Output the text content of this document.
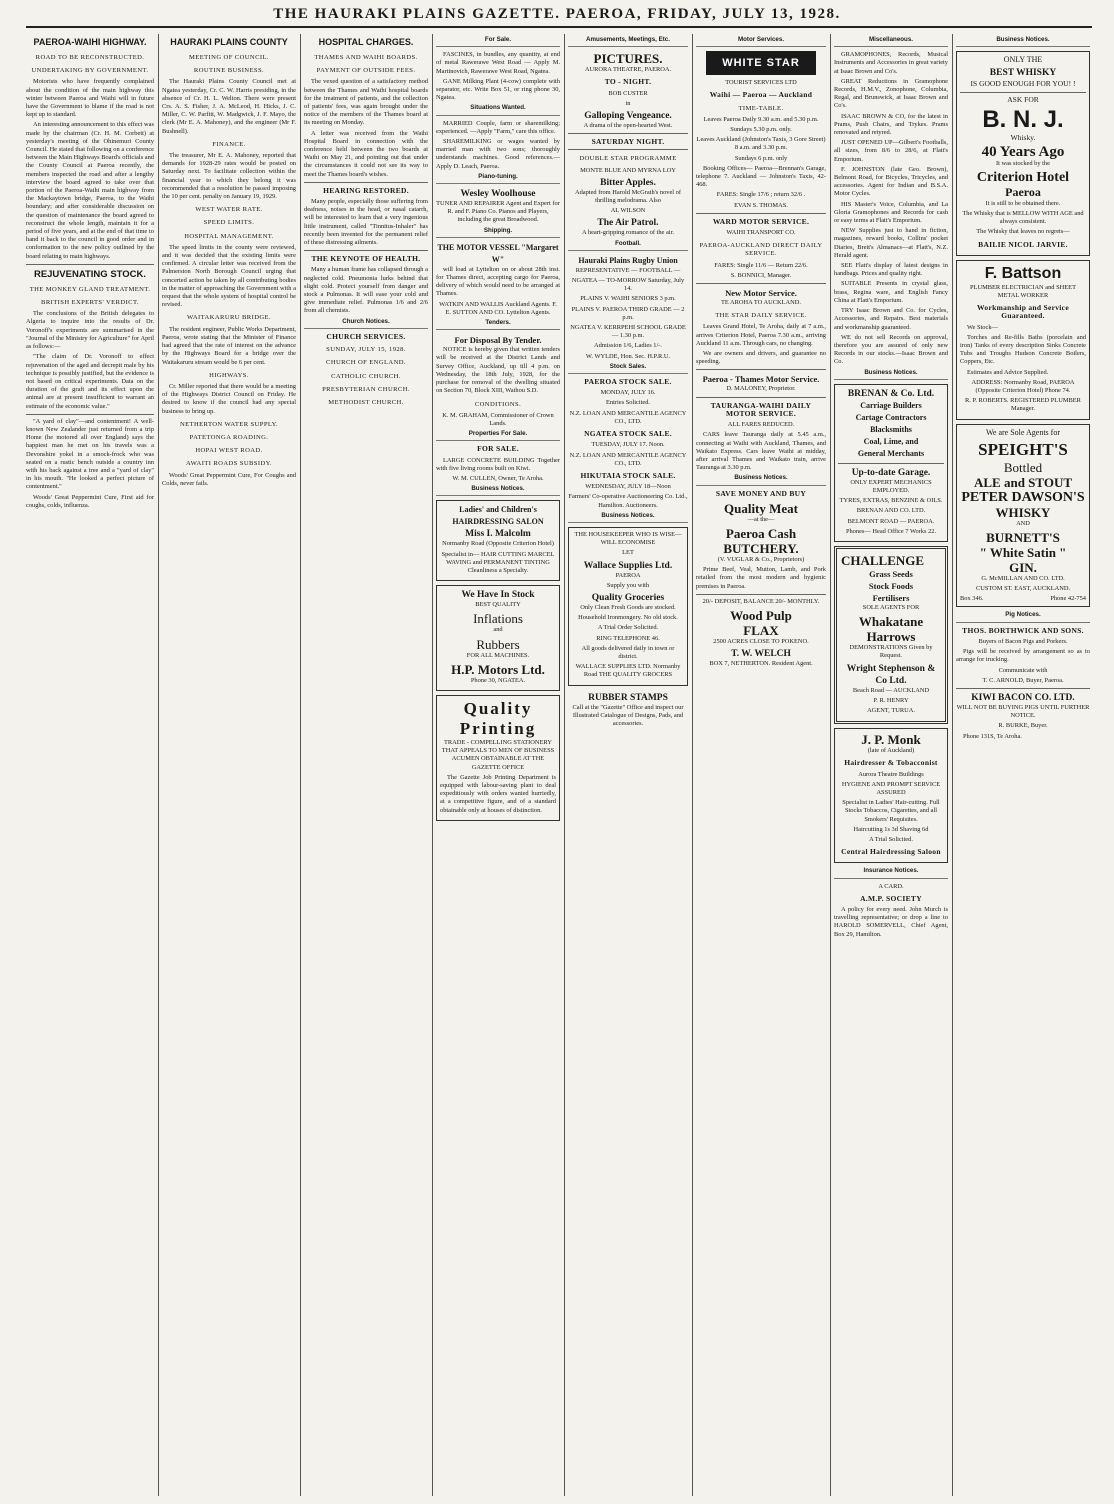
THE HAURAKI PLAINS GAZETTE. PAEROA, FRIDAY, JULY 13, 1928.
PAEROA-WAIHI HIGHWAY.
ROAD TO BE RECONSTRUCTED.
UNDERTAKING BY GOVERNMENT.

Motorists who have frequently complained about the condition of the main highway this winter between Paeroa and Waihi will in future have the Government to blame if the road is not kept up to standard.

An interesting announcement to this effect was made by the chairman (Cr. H. M. Corbett) at yesterday's meeting of the Ohinemuri County Council. He stated that following on a conference between the Main Highways Board's officials and the County Council at Paeroa recently, the members inspected the road and after a lengthy interview the board agreed to take over that portion of the Paeroa-Waihi main highway from the Mackaytown bridge, Paeroa, to the Waihi boundary; and after considerable discussion on the question of maintenance the board agreed to reconstruct the whole length, maintain it for a period of five years, and at the end of that time to hand it back to the council in good order and in conformation to the new policy outlined by the board relating to main highways.

REJUVENATING STOCK.
THE MONKEY GLAND TREATMENT.
BRITISH EXPERTS' VERDICT.

The conclusions of the British delegates to Algeria to inquire into the results of Dr. Voronoff's experiments are summarised in the "Journal of the Ministry for Agriculture" for April as follows:—

"The claim of Dr. Voronoff to effect rejuvenation of the aged and decrepit male by his technique is possibly justified, but the evidence is not based on critical experiments. Data on the duration of the graft and its effect upon the animal are at present insufficient to warrant an estimate of the economic value."

"A yard of clay"—and contentment! A well-known New Zealander just returned from a trip Home (he motored all over England) says the happiest man he met on his travels was a Devonshire yokel in a smock-frock who was seated on a rustic bench outside a country inn with his back against a tree and a "yard of clay" in his mouth. "He looked a perfect picture of contentment."

Woods' Great Peppermint Cure, First aid for coughs, colds, influenza.

HAURAKI PLAINS COUNTY
MEETING OF COUNCIL.
ROUTINE BUSINESS.

The Hauraki Plains County Council met at Ngatea yesterday, Cr. C. W. Harris presiding, in the absence of Cr. H. L. Welton. There were present Crs. A. S. Fisher, J. A. McLeod, H. Hicks, J. C. Miller, C. W. Parfitt, W. Madgwick, J. F. Mayo, the clerk (Mr E. A. Mahoney), and the engineer (Mr F. Bushnell).

FINANCE.

The treasurer, Mr E. A. Mahoney, reported that demands for 1928-29 rates would be posted on Saturday next. To facilitate collection within the financial year to which they belong it was recommended that a resolution be passed imposing the 10 per cent. penalty on January 19, 1929.

WEST WATER RATE.
SPEED LIMITS.
HOSPITAL MANAGEMENT.

The speed limits in the county were reviewed, and it was decided that the existing limits were confirmed. A circular letter was received from the Palmerston North Borough Council urging that concerted action be taken by all contributing bodies in the matter of approaching the Government with a request that the whole system of hospital control be revised.

WAITAKARURU BRIDGE.

The resident engineer, Public Works Department, Paeroa, wrote stating that the Minister of Finance had agreed that the rate of interest on the advance by the Highways Board for a bridge over the Waitakaruru stream would be 6 per cent.

HIGHWAYS.

Cr. Miller reported that there would be a meeting of the Highways District Council on Friday. He desired to know if the council had any special business to bring up.

NETHERTON WATER SUPPLY.
PATETONGA ROADING.
HOPAI WEST ROAD.
AWAITI ROADS SUBSIDY.

Woods' Great Peppermint Cure, For Coughs and Colds, never fails.

HOSPITAL CHARGES.
THAMES AND WAIHI BOARDS.
PAYMENT OF OUTSIDE FEES.

The vexed question of a satisfactory method between the Thames and Waihi hospital boards for the treatment of patients, and the collection of patients' fees, was again brought under the notice of the members of the Thames board at its meeting on Monday.

A letter was received from the Waihi Hospital Board in connection with the conference held between the two boards at Waihi on May 21, and pointing out that under the circumstances it could not see its way to meet the Thames board's wishes.

HEARING RESTORED.

Many people, especially those suffering from deafness, noises in the head, or nasal catarrh, will be interested to learn that a very ingenious little instrument, called "Tinnitus-Inhaler" has recently been invented for the permanent relief of these distressing ailments.

THE KEYNOTE OF HEALTH.

Many a human frame has collapsed through a neglected cold. Pneumonia lurks behind that slight cold. Protect yourself from danger and stock a Pulmonas. It will ease your cold and give immediate relief. Pulmonas 1/6 and 2/6 from all chemists.

Church Notices.
CHURCH SERVICES.
SUNDAY, JULY 15, 1928.
CHURCH OF ENGLAND.
CATHOLIC CHURCH.
PRESBYTERIAN CHURCH.
METHODIST CHURCH.
For Sale.

FASCINES, in bundles, any quantity, at end of metal Rawerawe West Road — Apply M. Martinovich, Rawerawe West Road, Ngatea.

GANE Milking Plant (4-cow) complete with separator, etc. Write Box 51, or ring phone 30, Ngatea.

Situations Wanted.

MARRIED Couple, farm or sharemilking; experienced. —Apply "Farm," care this office.

SHAREMILKING or wages wanted by married man with two sons; thoroughly understands machines. Good references.—Apply D. Leach, Paeroa.

Piano-tuning.
Wesley Woolhouse

TUNER AND REPAIRER Agent and Expert for R. and F. Piano Co. Pianos and Players, including the great Broadwood.

Shipping.
THE MOTOR VESSEL "Margaret W"

will load at Lyttelton on or about 28th inst. for Thames direct, accepting cargo for Paeroa, delivery of which would need to be arranged at Thames.

WATKIN AND WALLIS Auckland Agents. F. E. SUTTON AND CO. Lyttelton Agents.

Tenders.
For Disposal By Tender.

NOTICE is hereby given that written tenders will be received at the District Lands and Survey Office, Auckland, up till 4 p.m. on Wednesday, the 18th July, 1928, for the purchase for removal of the dwelling situated on Section 70, Block XIII, Waihou S.D.

CONDITIONS.

K. M. GRAHAM, Commissioner of Crown Lands.

Properties For Sale.
FOR SALE.

LARGE CONCRETE BUILDING Together with five living rooms built on Kiwi.

W. M. CULLEN, Owner, Te Aroha.

Business Notices.
Ladies' and Children's HAIRDRESSING SALON
Miss I. Malcolm

Normanby Road (Opposite Criterion Hotel)

Specialist in— HAIR CUTTING MARCEL WAVING and PERMANENT TINTING Cleanliness a Specialty.

We Have In Stock

BEST QUALITY

Inflations

and

Rubbers

FOR ALL MACHINES.

H.P. Motors Ltd.

Phone 30, NGATEA.

Quality Printing

TRADE - COMPELLING STATIONERY THAT APPEALS TO MEN OF BUSINESS ACUMEN OBTAINABLE AT THE GAZETTE OFFICE

The Gazette Job Printing Department is equipped with labour-saving plant to deal expeditiously with orders wanted hurriedly, at a competitive figure, and of a standard obtainable only at houses of distinction.

Amusements, Meetings, Etc.
PICTURES.

AURORA THEATRE, PAEROA.

TO - NIGHT.

BOB CUSTER

in

Galloping Vengeance.

A drama of the open-hearted West.

SATURDAY NIGHT.
DOUBLE STAR PROGRAMME

MONTE BLUE AND MYRNA LOY

Bitter Apples.

Adapted from Harold McGrath's novel of thrilling melodrama. Also

AL WILSON

The Air Patrol.

A heart-gripping romance of the air.

Football.
Hauraki Plains Rugby Union

REPRESENTATIVE — FOOTBALL —

NGATEA — TO-MORROW Saturday, July 14.

PLAINS V. WAIHI SENIORS 3 p.m.

PLAINS V. PAEROA THIRD GRADE — 2 p.m.

NGATEA V. KERRPEHI SCHOOL GRADE — 1.30 p.m.

Admission 1/6, Ladies 1/-.

W. WYLDE, Hon. Sec. H.P.R.U.

Stock Sales.
PAEROA STOCK SALE.

MONDAY, JULY 16.

Entries Solicited.

N.Z. LOAN AND MERCANTILE AGENCY CO., LTD.

NGATEA STOCK SALE.

TUESDAY, JULY 17. Noon.

N.Z. LOAN AND MERCANTILE AGENCY CO., LTD.

HIKUTAIA STOCK SALE.

WEDNESDAY, JULY 18—Noon

Farmers' Co-operative Auctioneering Co. Ltd., Hamilton. Auctioneers.

Business Notices.

THE HOUSEKEEPER WHO IS WISE— WILL ECONOMISE

LET

Wallace Supplies Ltd.

PAEROA

Supply you with

Quality Groceries

Only Clean Fresh Goods are stocked.

Household Ironmongery. No old stock.

A Trial Order Solicited.

RING TELEPHONE 46.

All goods delivered daily in town or district.

WALLACE SUPPLIES LTD. Normanby Road THE QUALITY GROCERS

RUBBER STAMPS

Call at the "Gazette" Office and inspect our Illustrated Catalogue of Designs, Pads, and accessories.

Motor Services.
WHITE STAR

TOURIST SERVICES LTD

Waihi — Paeroa — Auckland
TIME-TABLE.

Leaves Paeroa Daily 9.30 a.m. and 5.30 p.m.

Sundays 5.30 p.m. only.

Leaves Auckland (Johnston's Taxis, 3 Gore Street) 8 a.m. and 3.30 p.m.

Sundays 6 p.m. only

Booking Offices— Paeroa—Brennan's Garage, telephone 7. Auckland — Johnston's Taxis, 42-468.

FARES: Single 17/6 ; return 32/6 .

EVAN S. THOMAS.

WARD MOTOR SERVICE.

WAIHI TRANSPORT CO.

PAEROA-AUCKLAND DIRECT DAILY SERVICE.

FARES: Single 11/6 — Return 22/6.

S. BONNICI, Manager.

New Motor Service.

TE AROHA TO AUCKLAND.

THE STAR DAILY SERVICE.

Leaves Grand Hotel, Te Aroha, daily at 7 a.m., arrives Criterion Hotel, Paeroa 7.30 a.m., arriving Auckland 11 a.m. Through cars, no changing.

We are owners and drivers, and guarantee no speeding.

Paeroa - Thames Motor Service.

D. MALONEY, Proprietor.

TAURANGA-WAIHI DAILY MOTOR SERVICE.

ALL FARES REDUCED.

CARS leave Tauranga daily at 5.45 a.m., connecting at Waihi with Auckland, Thames, and Waikato Express. Cars leave Waihi at midday, after arrival Thames and Waikato train, arrive Tauranga at 3.30 p.m.

Business Notices.
SAVE MONEY AND BUY
Quality Meat

—at the—

Paeroa Cash BUTCHERY.

(V. VUGLAR & Co., Proprietors)

Prime Beef, Veal, Mutton, Lamb, and Pork retailed from the most modern and hygienic premises in Paeroa.

20/- DEPOSIT, BALANCE 20/- MONTHLY.

Wood Pulp
FLAX

2500 ACRES CLOSE TO POKENO.

T. W. WELCH

BOX 7, NETHERTON. Resident Agent.

Miscellaneous.

GRAMOPHONES, Records, Musical Instruments and Accessories in great variety at Isaac Brown and Co's.

GREAT Reductions in Gramophone Records, H.M.V., Zonophone, Columbia, Regal, and Brunswick, at Isaac Brown and Co's.

ISAAC BROWN & CO, for the latest in Prams, Push Chairs, and Trykes. Prams renovated and retyred.

JUST OPENED UP—Gilbert's Footballs, all sizes, from 8/6 to 28/6, at Flatt's Emporium.

F. JOHNSTON (late Geo. Brown), Belmont Road, for Bicycles, Tricycles, and accessories. Agent for Indian and B.S.A. Motor Cycles.

HIS Master's Voice, Columbia, and La Gloria Gramophones and Records for cash or easy terms at Flatt's Emporium.

NEW Supplies just to hand in fiction, magazines, reward books, Collins' pocket Diaries, Brett's Almanacs—at Flatt's, N.Z. Herald agent.

SEE Flatt's display of latest designs in handbags. Prices and quality right.

SUITABLE Presents in crystal glass, brass, Regina ware, and English Fancy China at Flatt's Emporium.

TRY Isaac Brown and Co. for Cycles, Accessories, and Repairs. Best materials and workmanship guaranteed.

WE do not sell Records on approval, therefore you are assured of only new Records in our stocks.—Isaac Brown and Co.

Business Notices.
BRENAN & Co. Ltd.
Carriage Builders
Cartage Contractors
Blacksmiths
Coal, Lime, and
General Merchants
Up-to-date Garage.

ONLY EXPERT MECHANICS EMPLOYED.

TYRES, EXTRAS, BENZINE & OILS.

BRENAN AND CO. LTD.

BELMONT ROAD — PAEROA.

Phones— Head Office 7 Works 22.

CHALLENGE
Grass Seeds
Stock Foods
Fertilisers

SOLE AGENTS FOR

Whakatane Harrows

DEMONSTRATIONS Given by Request.

Wright Stephenson & Co Ltd.

Beach Road — AUCKLAND

P. R. HENRY

AGENT, TURUA.

J. P. Monk

(late of Auckland)

Hairdresser & Tobacconist

Aurora Theatre Buildings

HYGIENE AND PROMPT SERVICE ASSURED

Specialist in Ladies' Hair-cutting. Full Stocks Tobaccos, Cigarettes, and all Smokers' Requisites.

Haircutting 1s 3d Shaving 6d

A Trial Solicited.

Central Hairdressing Saloon
Insurance Notices.

A CARD.

A.M.P. SOCIETY

A policy for every need. John Murch is travelling representative; or drop a line to HAROLD SOMERVELL, Chief Agent, Box 29, Hamilton.

Business Notices.

ONLY THE

BEST WHISKY

IS GOOD ENOUGH FOR YOU! !

ASK FOR

B. N. J.

Whisky.

40 Years Ago

It was stocked by the

Criterion Hotel
Paeroa

It is still to be obtained there.

The Whisky that is MELLOW WITH AGE and always consistent.

The Whisky that leaves no regrets—

BAILIE NICOL JARVIE.
F. Battson

PLUMBER ELECTRICIAN and SHEET METAL WORKER

Workmanship and Service Guaranteed.

We Stock—

Torches and Re-fills Baths (porcelain and iron) Tanks of every description Sinks Concrete Tubs and Troughs Hudson Concrete Boilers, Coppers, Etc.

Estimates and Advice Supplied.

ADDRESS: Normanby Road, PAEROA (Opposite Criterion Hotel) Phone 74.

R. P. ROBERTS. REGISTERED PLUMBER Manager.

We are Sole Agents for

SPEIGHT'S
Bottled
ALE and STOUT
PETER DAWSON'S
WHISKY

AND

BURNETT'S
" White Satin "
GIN.

G. McMILLAN AND CO. LTD.

CUSTOM ST. EAST, AUCKLAND.

Box 346.	Phone 42-754
Pig Notices.
THOS. BORTHWICK AND SONS.

Buyers of Bacon Pigs and Porkers.

Pigs will be received by arrangement so as to arrange for trucking.

Communicate with

T. C. ARNOLD, Buyer, Paeroa.

KIWI BACON CO. LTD.

WILL NOT BE BUYING PIGS UNTIL FURTHER NOTICE.

R. BURKE, Buyer.

Phone 131S, Te Aroha.
